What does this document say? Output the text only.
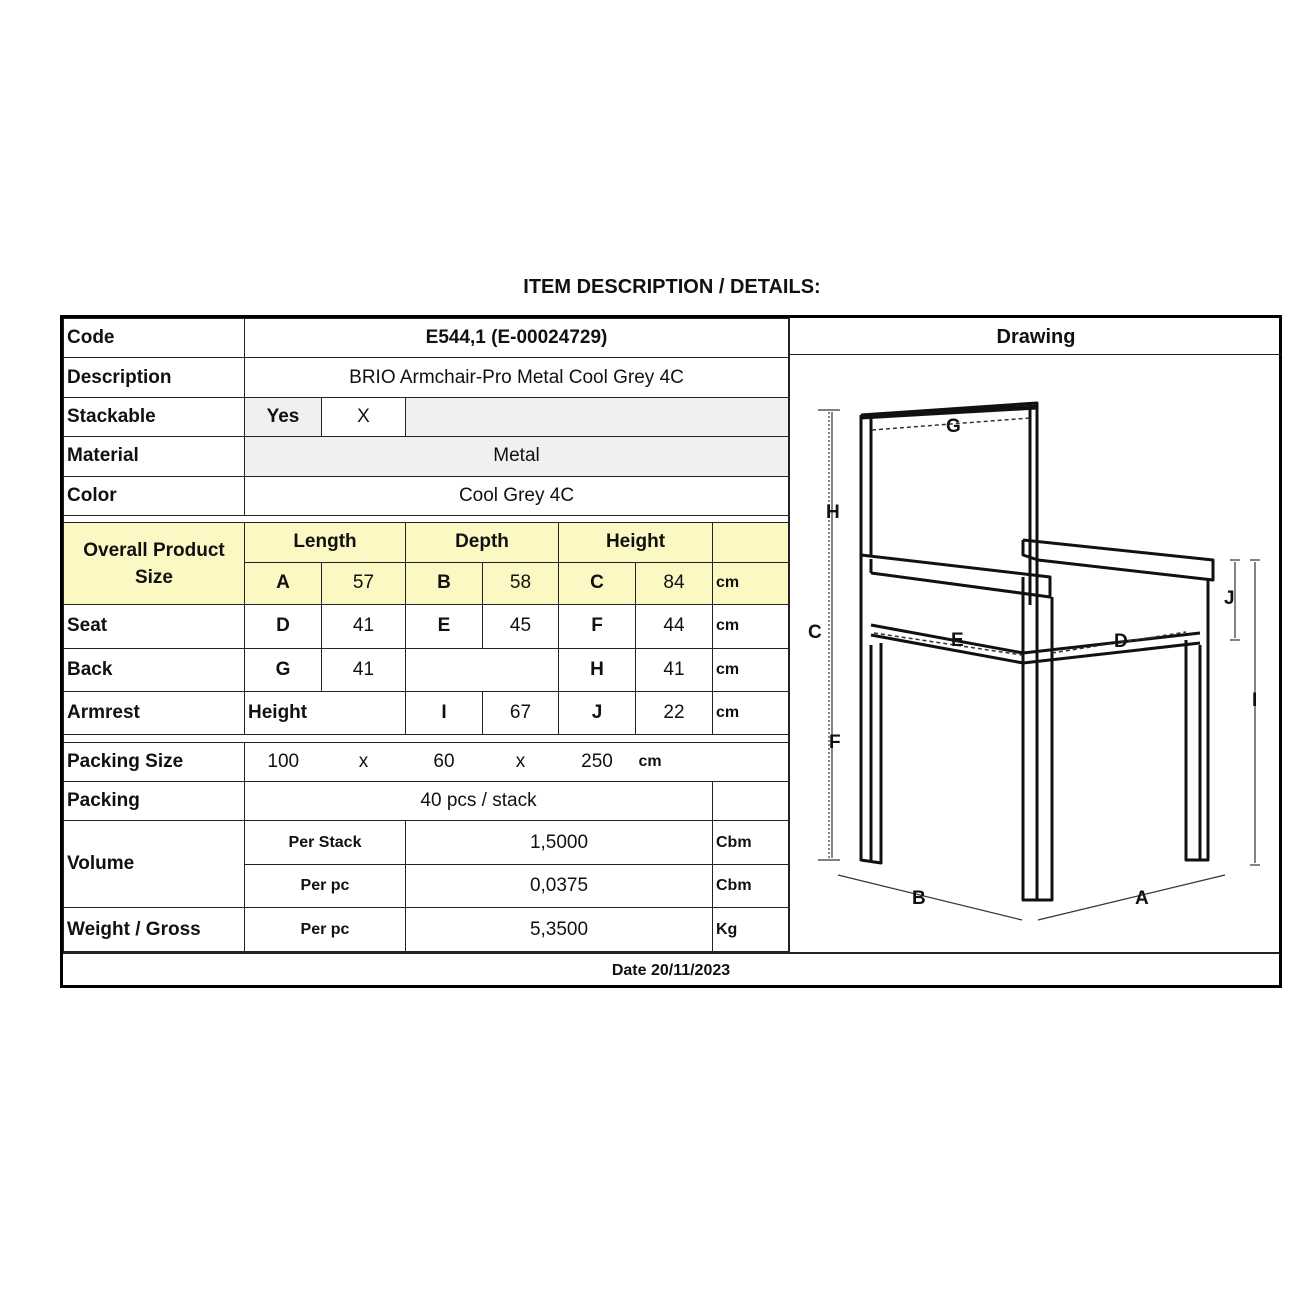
ITEM DESCRIPTION / DETAILS:
Code	E544,1 (E-00024729)						
Description	BRIO Armchair-Pro Metal Cool Grey 4C						
Stackable	Yes	X					
Material	Metal						
Color	Cool Grey 4C						

Overall Product Size	Length		Depth		Height		
	A	57	B	58	C	84	cm
Seat	D	41	E	45	F	44	cm
Back	G	41			H	41	cm
Armrest	Height		I	67	J	22	cm

Packing Size	100	x	60	x	250	cm	
Packing	40 pcs / stack						
Volume	Per Stack		1,5000				Cbm
	Per pc		0,0375				Cbm
Weight / Gross	Per pc		5,3500				Kg
Drawing
G
H
C
F
E	D
J
I
B	A
Date 20/11/2023
